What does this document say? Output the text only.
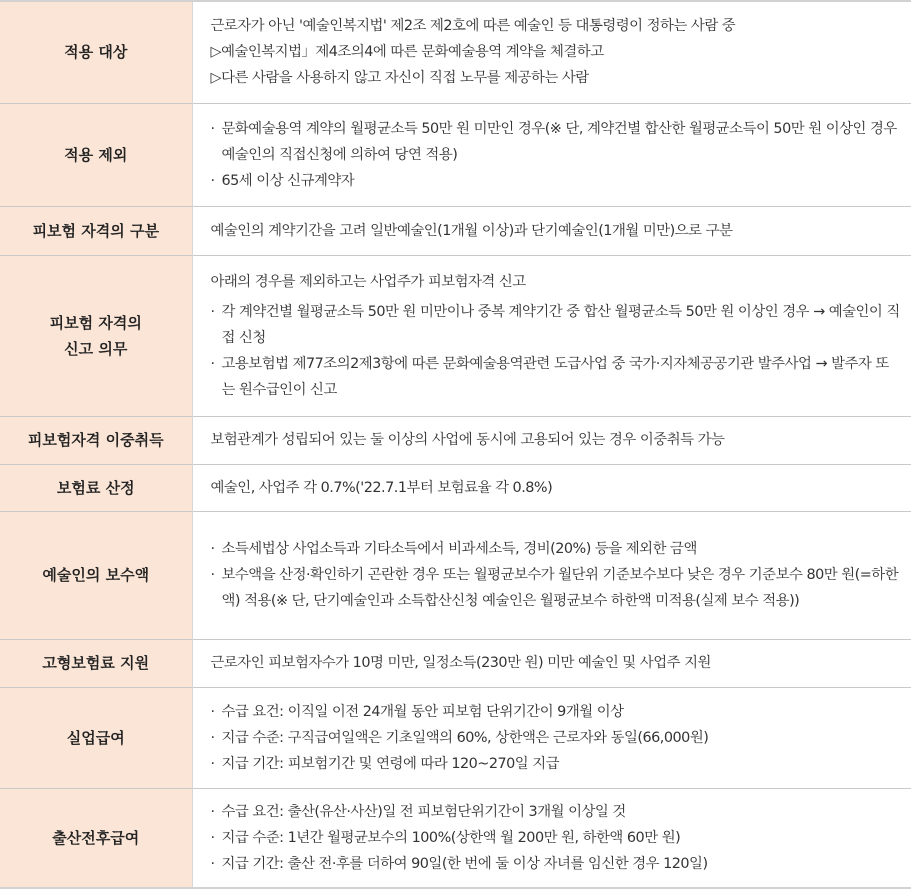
적용 대상	근로자가 아닌 '예술인복지법' 제2조 제2호에 따른 예술인 등 대통령령이 정하는 사람 중
▷예술인복지법」제4조의4에 따른 문화예술용역 계약을 체결하고
▷다른 사람을 사용하지 않고 자신이 직접 노무를 제공하는 사람

적용 제외	· 문화예술용역 계약의 월평균소득 50만 원 미만인 경우(※ 단, 계약건별 합산한 월평균소득이 50만 원 이상인 경우 예술인의 직접신청에 의하여 당연 적용)
· 65세 이상 신규계약자

피보험 자격의 구분	예술인의 계약기간을 고려 일반예술인(1개월 이상)과 단기예술인(1개월 미만)으로 구분

피보험 자격의
신고 의무	아래의 경우를 제외하고는 사업주가 피보험자격 신고
· 각 계약건별 월평균소득 50만 원 미만이나 중복 계약기간 중 합산 월평균소득 50만 원 이상인 경우 → 예술인이 직접 신청
· 고용보험법 제77조의2제3항에 따른 문화예술용역관련 도급사업 중 국가·지자체공공기관 발주사업 → 발주자 또는 원수급인이 신고

피보험자격 이중취득	보험관계가 성립되어 있는 둘 이상의 사업에 동시에 고용되어 있는 경우 이중취득 가능

보험료 산정	예술인, 사업주 각 0.7%('22.7.1부터 보험료율 각 0.8%)

예술인의 보수액	· 소득세법상 사업소득과 기타소득에서 비과세소득, 경비(20%) 등을 제외한 금액
· 보수액을 산정·확인하기 곤란한 경우 또는 월평균보수가 월단위 기준보수보다 낮은 경우 기준보수 80만 원(=하한액) 적용(※ 단, 단기예술인과 소득합산신청 예술인은 월평균보수 하한액 미적용(실제 보수 적용))

고형보험료 지원	근로자인 피보험자수가 10명 미만, 일정소득(230만 원) 미만 예술인 및 사업주 지원

실업급여	· 수급 요건: 이직일 이전 24개월 동안 피보험 단위기간이 9개월 이상
· 지급 수준: 구직급여일액은 기초일액의 60%, 상한액은 근로자와 동일(66,000원)
· 지급 기간: 피보험기간 및 연령에 따라 120~270일 지급

출산전후급여	· 수급 요건: 출산(유산·사산)일 전 피보험단위기간이 3개월 이상일 것
· 지급 수준: 1년간 월평균보수의 100%(상한액 월 200만 원, 하한액 60만 원)
· 지급 기간: 출산 전·후를 더하여 90일(한 번에 둘 이상 자녀를 임신한 경우 120일)
